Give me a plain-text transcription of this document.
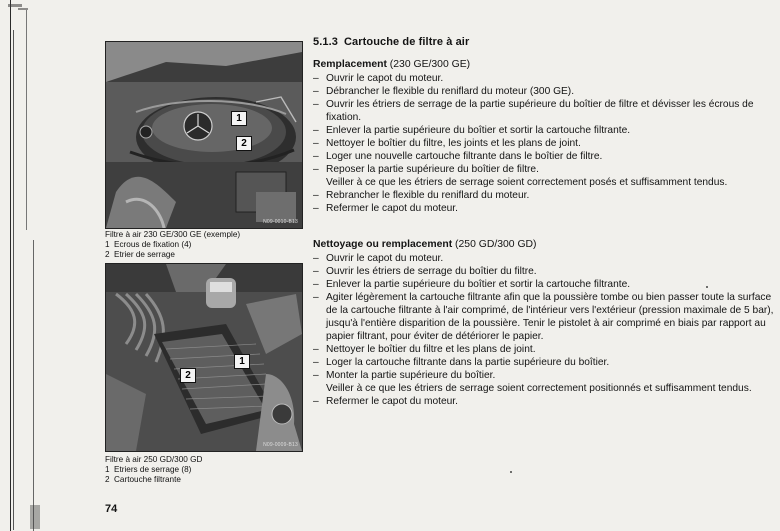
1
2
N09-0010-B13
Filtre à air 230 GE/300 GE (exemple)
1 Ecrous de fixation (4)
2 Etrier de serrage
2
1
N09-0009-B13
Filtre à air 250 GD/300 GD
1 Etriers de serrage (8)
2 Cartouche filtrante
5.1.3 Cartouche de filtre à air
Remplacement (230 GE/300 GE)
– Ouvrir le capot du moteur.
– Débrancher le flexible du reniflard du moteur (300 GE).
– Ouvrir les étriers de serrage de la partie supérieure du boîtier de filtre et dévisser les écrous de fixation.
– Enlever la partie supérieure du boîtier et sortir la cartouche filtrante.
– Nettoyer le boîtier du filtre, les joints et les plans de joint.
– Loger une nouvelle cartouche filtrante dans le boîtier de filtre.
– Reposer la partie supérieure du boîtier de filtre.
Veiller à ce que les étriers de serrage soient correctement posés et suffisamment tendus.
– Rebrancher le flexible du reniflard du moteur.
– Refermer le capot du moteur.
Nettoyage ou remplacement (250 GD/300 GD)
– Ouvrir le capot du moteur.
– Ouvrir les étriers de serrage du boîtier du filtre.
– Enlever la partie supérieure du boîtier et sortir la cartouche filtrante.
– Agiter légèrement la cartouche filtrante afin que la poussière tombe ou bien passer toute la surface de la cartouche filtrante à l'air comprimé, de l'intérieur vers l'extérieur (pression maximale de 5 bar), jusqu'à l'entière disparition de la poussière. Tenir le pistolet à air comprimé en biais par rapport au papier filtrant, pour éviter de détériorer le papier.
– Nettoyer le boîtier du filtre et les plans de joint.
– Loger la cartouche filtrante dans la partie supérieure du boîtier.
– Monter la partie supérieure du boîtier.
Veiller à ce que les étriers de serrage soient correctement positionnés et suffisamment tendus.
– Refermer le capot du moteur.
74
